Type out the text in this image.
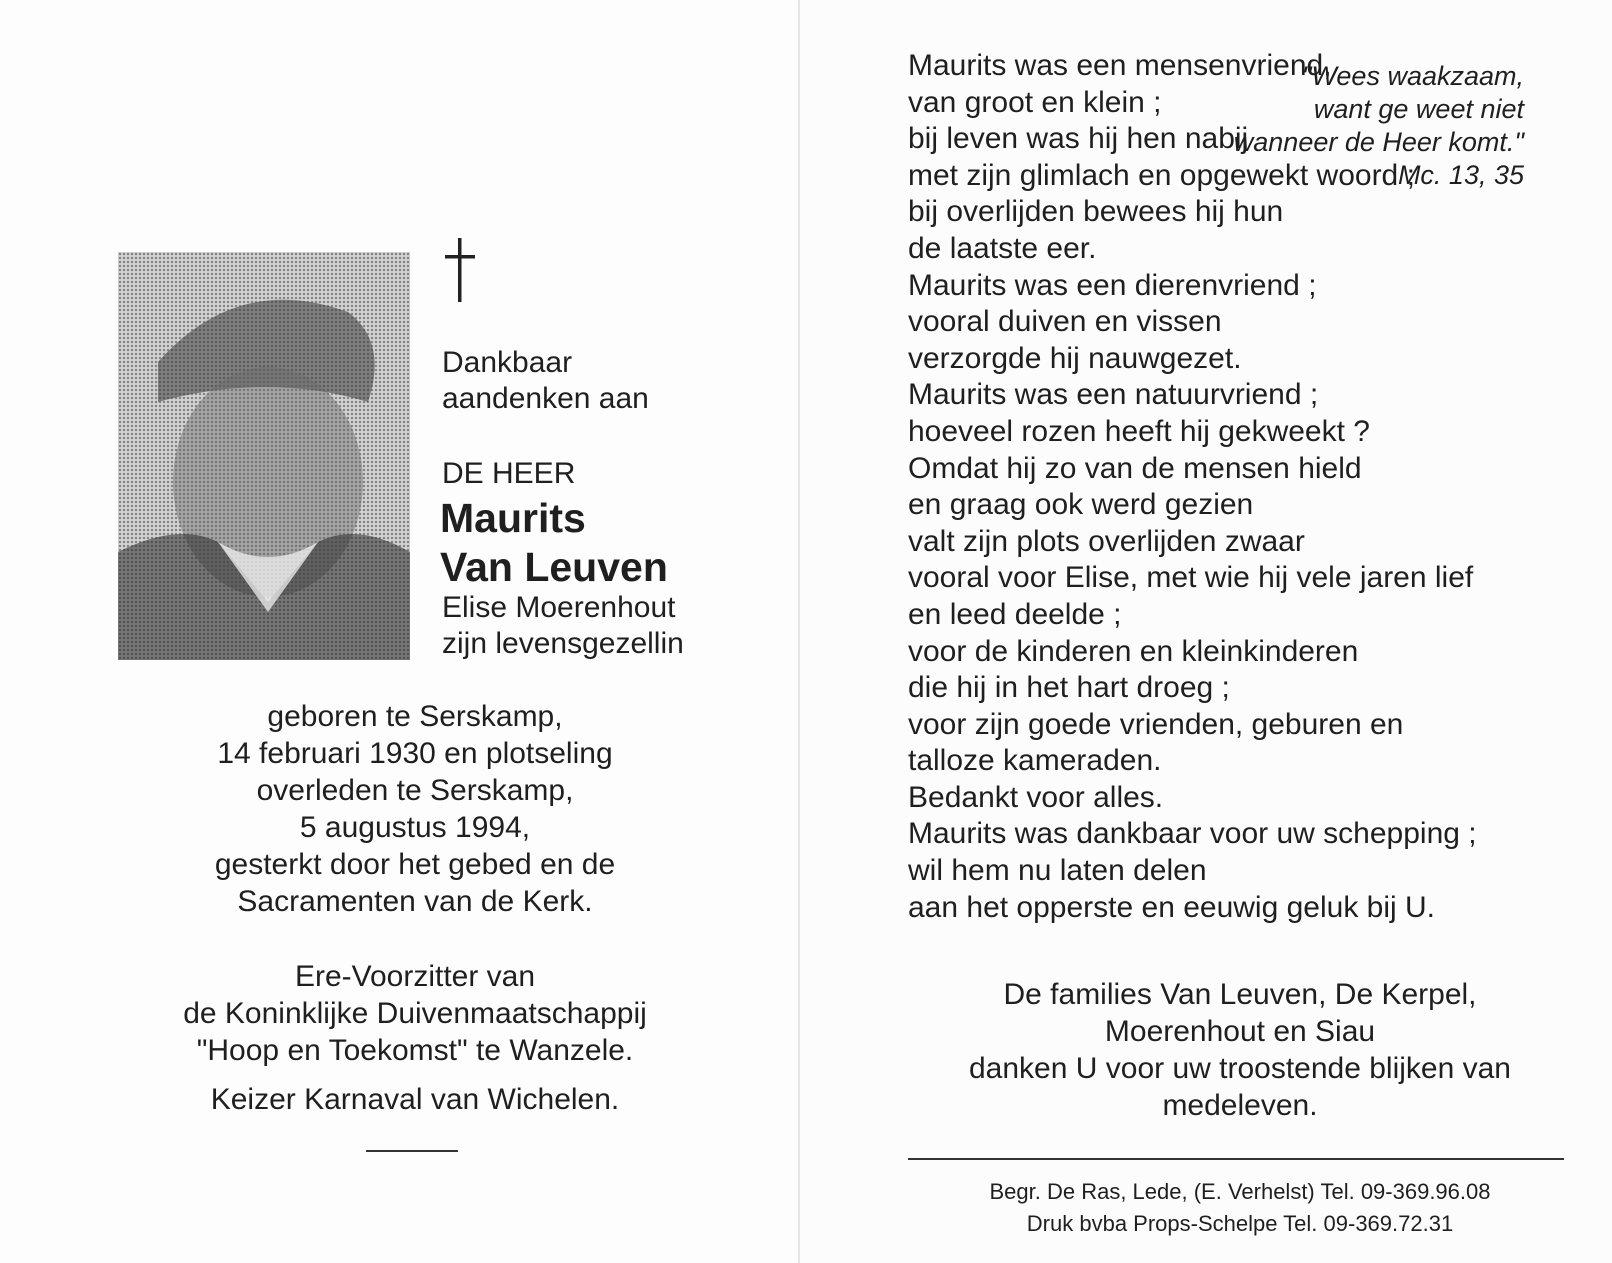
"Wees waakzaam,
want ge weet niet
wanneer de Heer komt."
Mc. 13, 35
Dankbaar
aandenken aan
DE HEER
Maurits
Van Leuven
Elise Moerenhout
zijn levensgezellin
geboren te Serskamp,
14 februari 1930 en plotseling
overleden te Serskamp,
5 augustus 1994,
gesterkt door het gebed en de
Sacramenten van de Kerk.
Ere-Voorzitter van
de Koninklijke Duivenmaatschappij
"Hoop en Toekomst" te Wanzele.
Keizer Karnaval van Wichelen.
Maurits was een mensenvriend,
van groot en klein ;
bij leven was hij hen nabij
met zijn glimlach en opgewekt woord ;
bij overlijden bewees hij hun
de laatste eer.
Maurits was een dierenvriend ;
vooral duiven en vissen
verzorgde hij nauwgezet.
Maurits was een natuurvriend ;
hoeveel rozen heeft hij gekweekt ?
Omdat hij zo van de mensen hield
en graag ook werd gezien
valt zijn plots overlijden zwaar
vooral voor Elise, met wie hij vele jaren lief
en leed deelde ;
voor de kinderen en kleinkinderen
die hij in het hart droeg ;
voor zijn goede vrienden, geburen en
talloze kameraden.
Bedankt voor alles.
Maurits was dankbaar voor uw schepping ;
wil hem nu laten delen
aan het opperste en eeuwig geluk bij U.
De families Van Leuven, De Kerpel,
Moerenhout en Siau
danken U voor uw troostende blijken van
medeleven.
Begr. De Ras, Lede, (E. Verhelst) Tel. 09-369.96.08
Druk bvba Props-Schelpe Tel. 09-369.72.31
